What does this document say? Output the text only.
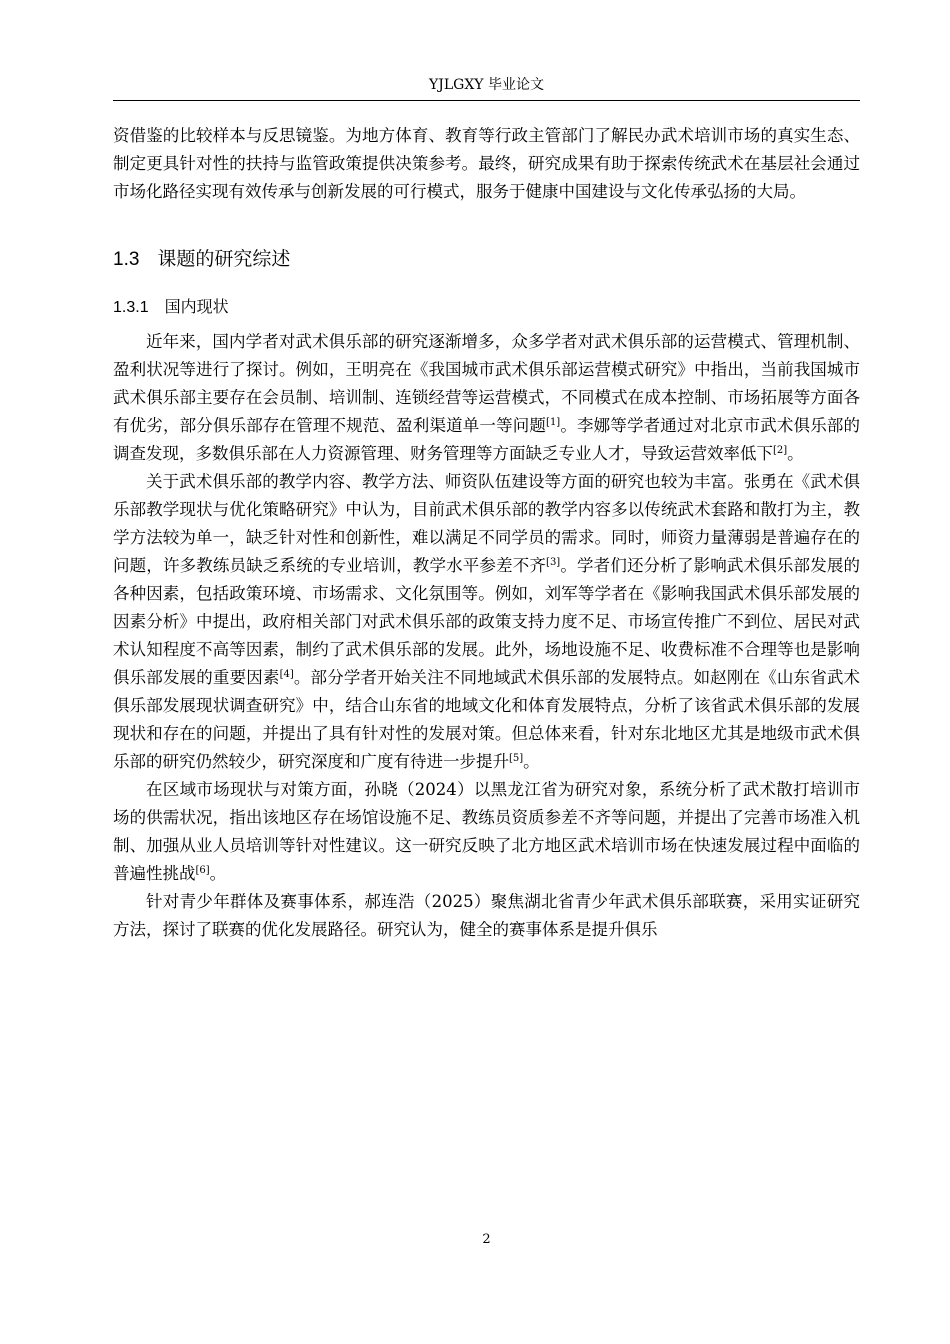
YJLGXY 毕业论文

资借鉴的比较样本与反思镜鉴。为地方体育、教育等行政主管部门了解民办武术培训市场的真实生态、制定更具针对性的扶持与监管政策提供决策参考。最终，研究成果有助于探索传统武术在基层社会通过市场化路径实现有效传承与创新发展的可行模式，服务于健康中国建设与文化传承弘扬的大局。

1.3 课题的研究综述
1.3.1 国内现状

近年来，国内学者对武术俱乐部的研究逐渐增多，众多学者对武术俱乐部的运营模式、管理机制、盈利状况等进行了探讨。例如，王明亮在《我国城市武术俱乐部运营模式研究》中指出，当前我国城市武术俱乐部主要存在会员制、培训制、连锁经营等运营模式，不同模式在成本控制、市场拓展等方面各有优劣，部分俱乐部存在管理不规范、盈利渠道单一等问题[1]。李娜等学者通过对北京市武术俱乐部的调查发现，多数俱乐部在人力资源管理、财务管理等方面缺乏专业人才，导致运营效率低下[2]。

关于武术俱乐部的教学内容、教学方法、师资队伍建设等方面的研究也较为丰富。张勇在《武术俱乐部教学现状与优化策略研究》中认为，目前武术俱乐部的教学内容多以传统武术套路和散打为主，教学方法较为单一，缺乏针对性和创新性，难以满足不同学员的需求。同时，师资力量薄弱是普遍存在的问题，许多教练员缺乏系统的专业培训，教学水平参差不齐[3]。学者们还分析了影响武术俱乐部发展的各种因素，包括政策环境、市场需求、文化氛围等。例如，刘军等学者在《影响我国武术俱乐部发展的因素分析》中提出，政府相关部门对武术俱乐部的政策支持力度不足、市场宣传推广不到位、居民对武术认知程度不高等因素，制约了武术俱乐部的发展。此外，场地设施不足、收费标准不合理等也是影响俱乐部发展的重要因素[4]。部分学者开始关注不同地域武术俱乐部的发展特点。如赵刚在《山东省武术俱乐部发展现状调查研究》中，结合山东省的地域文化和体育发展特点，分析了该省武术俱乐部的发展现状和存在的问题，并提出了具有针对性的发展对策。但总体来看，针对东北地区尤其是地级市武术俱乐部的研究仍然较少，研究深度和广度有待进一步提升[5]。

在区域市场现状与对策方面，孙晓（2024）以黑龙江省为研究对象，系统分析了武术散打培训市场的供需状况，指出该地区存在场馆设施不足、教练员资质参差不齐等问题，并提出了完善市场准入机制、加强从业人员培训等针对性建议。这一研究反映了北方地区武术培训市场在快速发展过程中面临的普遍性挑战[6]。

针对青少年群体及赛事体系，郝连浩（2025）聚焦湖北省青少年武术俱乐部联赛，采用实证研究方法，探讨了联赛的优化发展路径。研究认为，健全的赛事体系是提升俱乐

2
